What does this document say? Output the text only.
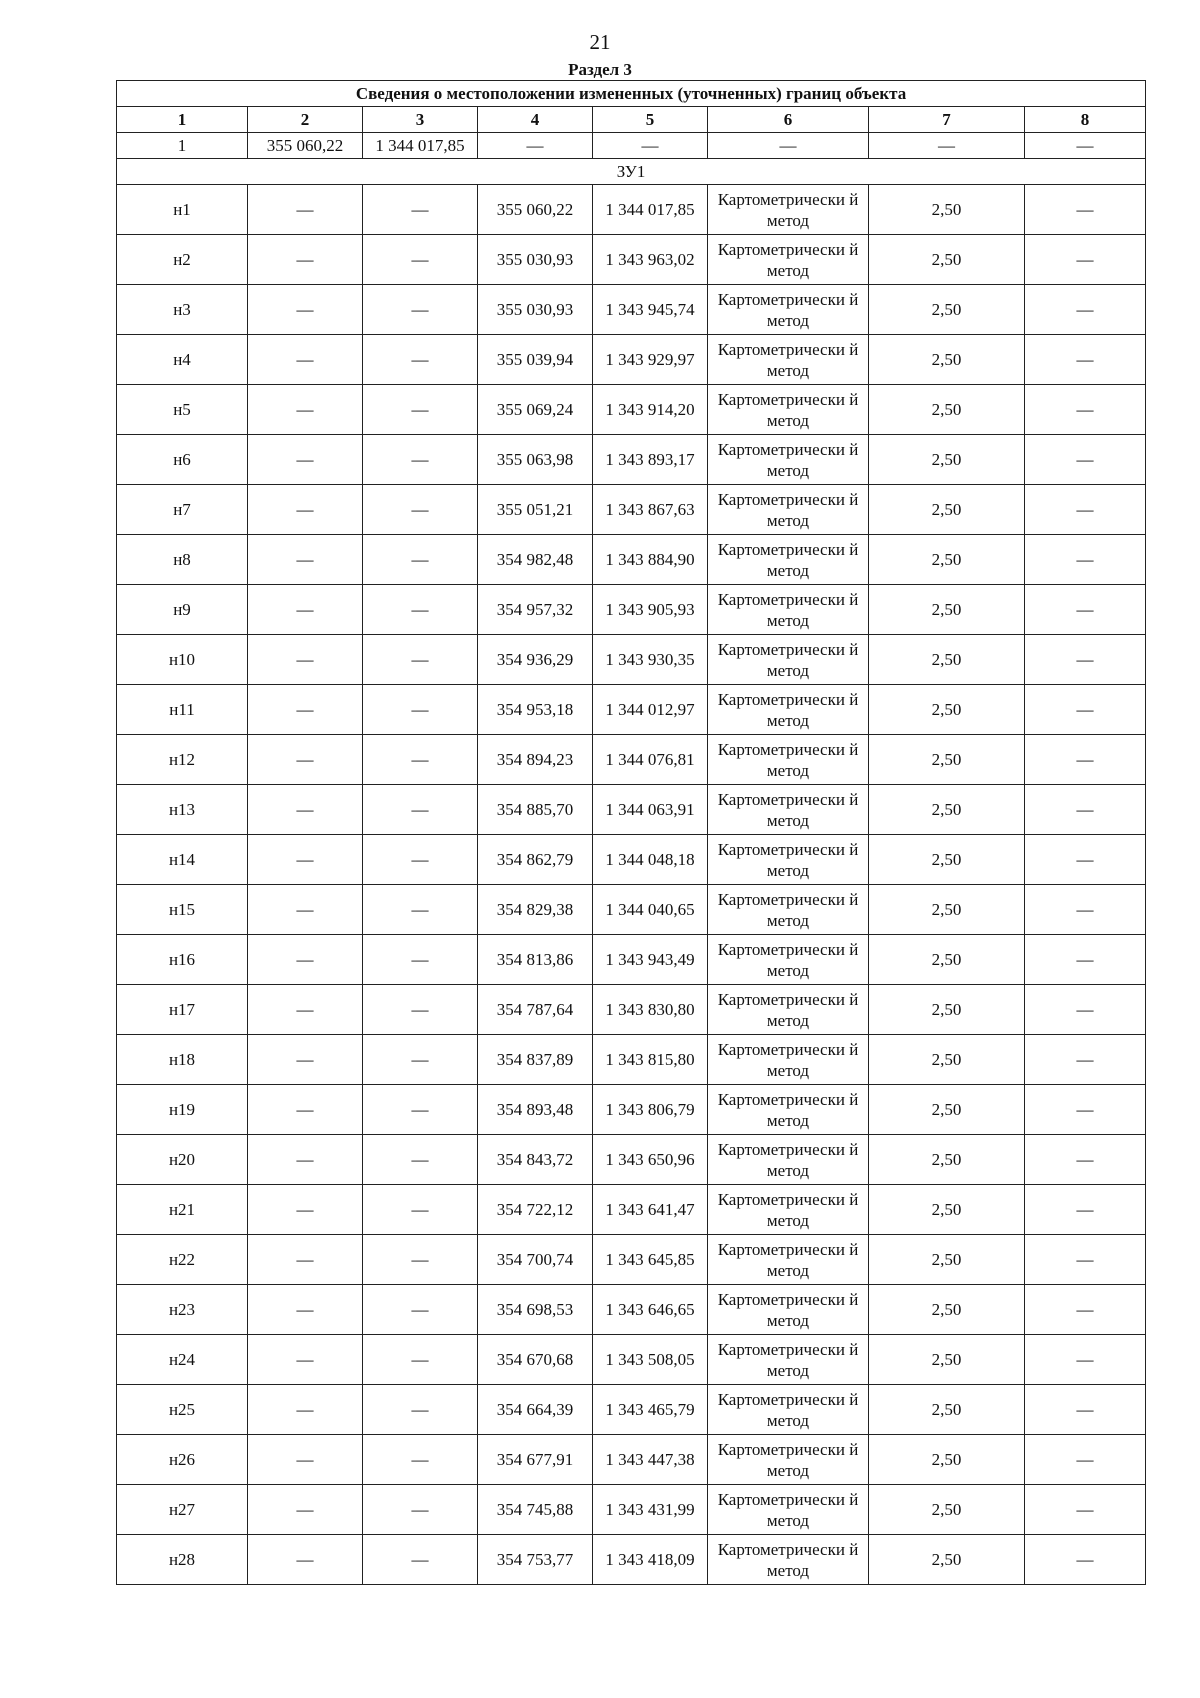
21
Раздел 3
Сведения о местоположении измененных (уточненных) границ объекта							
1	2	3	4	5	6	7	8
1	355 060,22	1 344 017,85	—	—	—	—	—
ЗУ1							
н1	—	—	355 060,22	1 344 017,85	Картометрически й метод	2,50	—
н2	—	—	355 030,93	1 343 963,02	Картометрически й метод	2,50	—
н3	—	—	355 030,93	1 343 945,74	Картометрически й метод	2,50	—
н4	—	—	355 039,94	1 343 929,97	Картометрически й метод	2,50	—
н5	—	—	355 069,24	1 343 914,20	Картометрически й метод	2,50	—
н6	—	—	355 063,98	1 343 893,17	Картометрически й метод	2,50	—
н7	—	—	355 051,21	1 343 867,63	Картометрически й метод	2,50	—
н8	—	—	354 982,48	1 343 884,90	Картометрически й метод	2,50	—
н9	—	—	354 957,32	1 343 905,93	Картометрически й метод	2,50	—
н10	—	—	354 936,29	1 343 930,35	Картометрически й метод	2,50	—
н11	—	—	354 953,18	1 344 012,97	Картометрически й метод	2,50	—
н12	—	—	354 894,23	1 344 076,81	Картометрически й метод	2,50	—
н13	—	—	354 885,70	1 344 063,91	Картометрически й метод	2,50	—
н14	—	—	354 862,79	1 344 048,18	Картометрически й метод	2,50	—
н15	—	—	354 829,38	1 344 040,65	Картометрически й метод	2,50	—
н16	—	—	354 813,86	1 343 943,49	Картометрически й метод	2,50	—
н17	—	—	354 787,64	1 343 830,80	Картометрически й метод	2,50	—
н18	—	—	354 837,89	1 343 815,80	Картометрически й метод	2,50	—
н19	—	—	354 893,48	1 343 806,79	Картометрически й метод	2,50	—
н20	—	—	354 843,72	1 343 650,96	Картометрически й метод	2,50	—
н21	—	—	354 722,12	1 343 641,47	Картометрически й метод	2,50	—
н22	—	—	354 700,74	1 343 645,85	Картометрически й метод	2,50	—
н23	—	—	354 698,53	1 343 646,65	Картометрически й метод	2,50	—
н24	—	—	354 670,68	1 343 508,05	Картометрически й метод	2,50	—
н25	—	—	354 664,39	1 343 465,79	Картометрически й метод	2,50	—
н26	—	—	354 677,91	1 343 447,38	Картометрически й метод	2,50	—
н27	—	—	354 745,88	1 343 431,99	Картометрически й метод	2,50	—
н28	—	—	354 753,77	1 343 418,09	Картометрически й метод	2,50	—
